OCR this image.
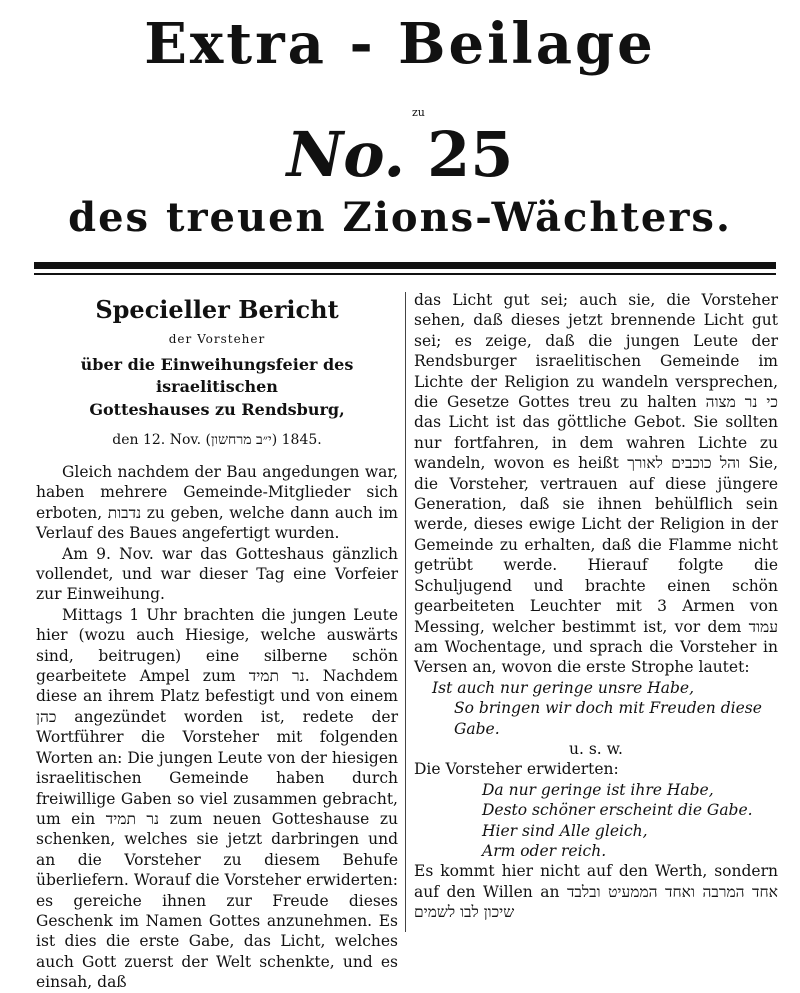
Extra - Beilage
zu
No. 25
des treuen Zions-Wächters.
Specieller Bericht
der Vorsteher
über die Einweihungsfeier des israelitischen
Gotteshauses zu Rendsburg,
den 12. Nov. (י״ב מרחשון) 1845.

Gleich nachdem der Bau angedungen war, haben mehrere Gemeinde-Mitglieder sich erboten, נדבות zu geben, welche dann auch im Verlauf des Baues angefertigt wurden.

Am 9. Nov. war das Gotteshaus gänzlich vollendet, und war dieser Tag eine Vorfeier zur Einweihung.

Mittags 1 Uhr brachten die jungen Leute hier (wozu auch Hiesige, welche auswärts sind, beitrugen) eine silberne schön gearbeitete Ampel zum נר תמיד. Nachdem diese an ihrem Platz befestigt und von einem כהן angezündet worden ist, redete der Wortführer die Vorsteher mit folgenden Worten an: Die jungen Leute von der hiesigen israelitischen Gemeinde haben durch freiwillige Gaben so viel zusammen gebracht, um ein נר תמיד zum neuen Gotteshause zu schenken, welches sie jetzt darbringen und an die Vorsteher zu diesem Behufe überliefern. Worauf die Vorsteher erwiderten: es gereiche ihnen zur Freude dieses Geschenk im Namen Gottes anzunehmen. Es ist dies die erste Gabe, das Licht, welches auch Gott zuerst der Welt schenkte, und es einsah, daß

das Licht gut sei; auch sie, die Vorsteher sehen, daß dieses jetzt brennende Licht gut sei; es zeige, daß die jungen Leute der Rendsburger israelitischen Gemeinde im Lichte der Religion zu wandeln versprechen, die Gesetze Gottes treu zu halten כי נר מצוה das Licht ist das göttliche Gebot. Sie sollten nur fortfahren, in dem wahren Lichte zu wandeln, wovon es heißt והל כוכבים לאורך Sie, die Vorsteher, vertrauen auf diese jüngere Generation, daß sie ihnen behülflich sein werde, dieses ewige Licht der Religion in der Gemeinde zu erhalten, daß die Flamme nicht getrübt werde. Hierauf folgte die Schuljugend und brachte einen schön gearbeiteten Leuchter mit 3 Armen von Messing, welcher bestimmt ist, vor dem עמוד am Wochentage, und sprach die Vorsteher in Versen an, wovon die erste Strophe lautet:

Ist auch nur geringe unsre Habe,

So bringen wir doch mit Freuden diese Gabe.

u. s. w.

Die Vorsteher erwiderten:

Da nur geringe ist ihre Habe,

Desto schöner erscheint die Gabe.

Hier sind Alle gleich,

Arm oder reich.

Es kommt hier nicht auf den Werth, sondern auf den Willen an אחד המרבה ואחד הממעיט ובלבד שיכון לבו לשמים
